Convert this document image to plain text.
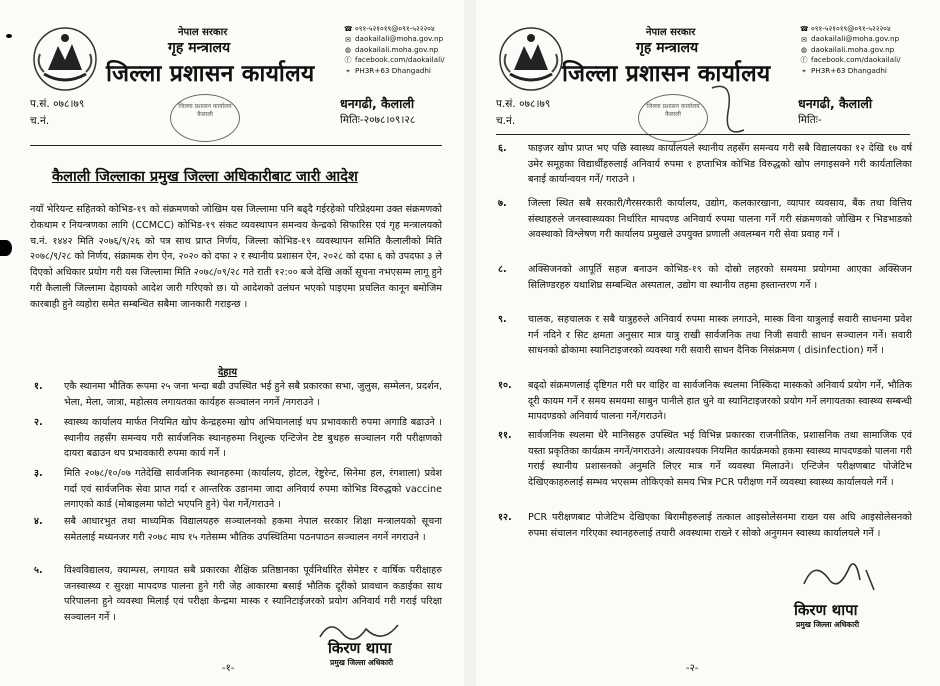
नेपाल सरकार
गृह मन्त्रालय
जिल्ला प्रशासन कार्यालय
☎ ०९१-५२१०१९@०९१-५२२२०४
✉ daokailali@moha.gov.np
◍ daokailali.moha.gov.np
ⓕ facebook.com/daokailali/
⌖ PH3R+63 Dhangadhi
प.सं. ०७८।७९
च.नं.
जिल्ला प्रशासन कार्यालय कैलाली
धनगढी, कैलाली
मितिः-२०७८।०९।२८
कैलाली जिल्लाका प्रमुख जिल्ला अधिकारीबाट जारी आदेश
नयाँ भेरियन्ट सहितको कोभिड-१९ को संक्रमणको जोखिम यस जिल्लामा पनि बढ्दै गईरहेको परिप्रेक्ष्यमा उक्त संक्रमणको रोकथाम र नियन्त्रणका लागि (CCMCC) कोभिड-१९ संकट व्यवस्थापन समन्वय केन्द्रको सिफारिस एवं गृह मन्त्रालयको च.नं. १४४२ मिति २०७६/९/२६ को पत्र साथ प्राप्त निर्णय, जिल्ला कोभिड-१९ व्यवस्थापन समिति कैलालीको मिति २०७८/९/२८ को निर्णय, संक्रामक रोग ऐन, २०२० को दफा २ र स्थानीय प्रशासन ऐन, २०२८ को दफा ६ को उपदफा ३ ले दिएको अधिकार प्रयोग गरी यस जिल्लामा मिति २०७८/०९/२८ गते राती १२:०० बजे देखि अर्को सूचना नभएसम्म लागू हुने गरी कैलाली जिल्लामा देहायको आदेश जारी गरिएको छ। यो आदेशको उलंघन भएको पाइएमा प्रचलित कानून बमोजिम कारबाही हुने व्यहोरा समेत सम्बन्धित सबैमा जानकारी गराइन्छ ।
देहाय
१.	एकै स्थानमा भौतिक रूपमा २५ जना भन्दा बढी उपस्थित भई हुने सबै प्रकारका सभा, जुलुस, सम्मेलन, प्रदर्शन, भेला, मेला, जात्रा, महोत्सव लगायतका कार्यहरु सञ्चालन नगर्ने /नगराउने ।
२.	स्वास्थ्य कार्यालय मार्फत नियमित खोप केन्द्रहरुमा खोप अभियानलाई थप प्रभावकारी रुपमा अगाडि बढाउने । स्थानीय तहसँग समन्वय गरी सार्वजनिक स्थानहरुमा निशुल्क एन्टिजेन टेष्ट बुथहरु सञ्चालन गरी परीक्षणको दायरा बढाउन थप प्रभावकारी रुपमा कार्य गर्ने ।
३.	मिति २०७८/१०/०७ गतेदेखि सार्वजनिक स्थानहरुमा (कार्यालय, होटल, रेष्टुरेन्ट, सिनेमा हल, रंगशाला) प्रवेश गर्दा एवं सार्वजनिक सेवा प्राप्त गर्दा र आन्तरिक उडानमा जादा अनिवार्य रुपमा कोभिड विरुद्धको vaccine लगाएको कार्ड (मोबाइलमा फोटो भएपनि हुने) पेश गर्ने/गराउने ।
४.	सबै आधारभुत तथा माध्यमिक विद्यालयहरु सञ्चालनको हकमा नेपाल सरकार शिक्षा मन्त्रालयको सूचना समेतलाई मध्यनजर गरी २०७८ माघ १५ गतेसम्म भौतिक उपस्थितिमा पठनपाठन सञ्चालन नगर्ने नगराउने ।
५.	विश्वविद्यालय, क्याम्पस, लगायत सबै प्रकारका शैक्षिक प्रतिष्ठानका पूर्वनिर्धारित सेमेष्टर र वार्षिक परीक्षाहरु जनस्वास्थ्य र सुरक्षा मापदण्ड पालना हुने गरी जेह आकारमा बसाई भौतिक दूरीको प्रावधान कडाईका साथ परिपालना हुने व्यवस्था मिलाई एवं परीक्षा केन्द्रमा मास्क र स्यानिटाईजरको प्रयोग अनिवार्य गरी गराई परिक्षा सञ्चालन गर्ने ।
किरण थापा
प्रमुख जिल्ला अधिकारी
-१-
नेपाल सरकार
गृह मन्त्रालय
जिल्ला प्रशासन कार्यालय
☎ ०९१-५२१०१९@०९१-५२२२०४
✉ daokailali@moha.gov.np
◍ daokailali.moha.gov.np
ⓕ facebook.com/daokailali/
⌖ PH3R+63 Dhangadhi
प.सं. ०७८।७९
च.नं.
जिल्ला प्रशासन कार्यालय कैलाली
धनगढी, कैलाली
मितिः-
६.	फाइजर खोप प्राप्त भए पछि स्वास्थ्य कार्यालयले स्थानीय तहसँग समन्वय गरी सबै विद्यालयका १२ देखि १७ वर्ष उमेर समूहका विद्यार्थीहरुलाई अनिवार्य रुपमा १ हप्ताभित्र कोभिड विरुद्धको खोप लगाइसक्ने गरी कार्यतालिका बनाई कार्यान्वयन गर्ने/ गराउने ।
७.	जिल्ला स्थित सबै सरकारी/गैरसरकारी कार्यालय, उद्योग, कलकारखाना, व्यापार व्यवसाय, बैंक तथा वित्तिय संस्थाहरुले जनस्वास्थ्यका निर्धारित मापदण्ड अनिवार्य रुपमा पालना गर्ने गरी संक्रमणको जोखिम र भिडभाडको अवस्थाको विश्लेषण गरी कार्यालय प्रमुखले उपयुक्त प्रणाली अवलम्बन गरी सेवा प्रवाह गर्ने ।
८.	अक्सिजनको आपूर्ति सहज बनाउन कोभिड-१९ को दोस्रो लहरको समयमा प्रयोगमा आएका अक्सिजन सिलिण्डरहरु यथाशिघ्र सम्बन्धित अस्पताल, उद्योग वा स्थानीय तहमा हस्तान्तरण गर्ने ।
९.	चालक, सहचालक र सबै यात्रुहरुले अनिवार्य रुपमा मास्क लगाउने, मास्क विना यात्रुलाई सवारी साधनमा प्रवेश गर्न नदिने र सिट क्षमता अनुसार मात्र यात्रु राखी सार्वजनिक तथा निजी सवारी साधन सञ्चालन गर्ने। सवारी साधनको ढोकामा स्यानिटाइजरको व्यवस्था गरी सवारी साधन दैनिक निसंक्रमण ( disinfection) गर्ने ।
१०.	बढ्दो संक्रमणलाई दृष्टिगत गरी घर वाहिर वा सार्वजनिक स्थलमा निस्किदा मास्कको अनिवार्य प्रयोग गर्ने, भौतिक दूरी कायम गर्ने र समय समयमा साबुन पानीले हात धुने वा स्यानिटाइजरको प्रयोग गर्ने लगायतका स्वास्थ्य सम्बन्धी मापदण्डको अनिवार्य पालना गर्ने/गराउने।
११.	सार्वजनिक स्थलमा धेरै मानिसहरु उपस्थित भई विभिन्न प्रकारका राजनीतिक, प्रशासनिक तथा सामाजिक एवं यस्ता प्रकृतिका कार्यक्रम नगर्ने/नगराउने। अत्यावश्यक नियमित कार्यक्रमको हकमा स्वास्थ्य मापदण्डको पालना गरी गराई स्थानीय प्रशासनको अनुमति लिएर मात्र गर्ने व्यवस्था मिलाउने। एन्टिजेन परीक्षणबाट पोजेटिभ देखिएकाहरुलाई सम्भव भएसम्म तोकिएको समय भित्र PCR परीक्षण गर्ने व्यवस्था स्वास्थ्य कार्यालयले गर्ने ।
१२.	PCR परीक्षणबाट पोजेटिभ देखिएका बिरामीहरुलाई तत्काल आइसोलेसनमा राख्न यस अघि आइसोलेसनको रुपमा संचालन गरिएका स्थानहरुलाई तयारी अवस्थामा राख्ने र सोको अनुगमन स्वास्थ्य कार्यालयले गर्ने ।
किरण थापा
प्रमुख जिल्ला अधिकारी
-२-
